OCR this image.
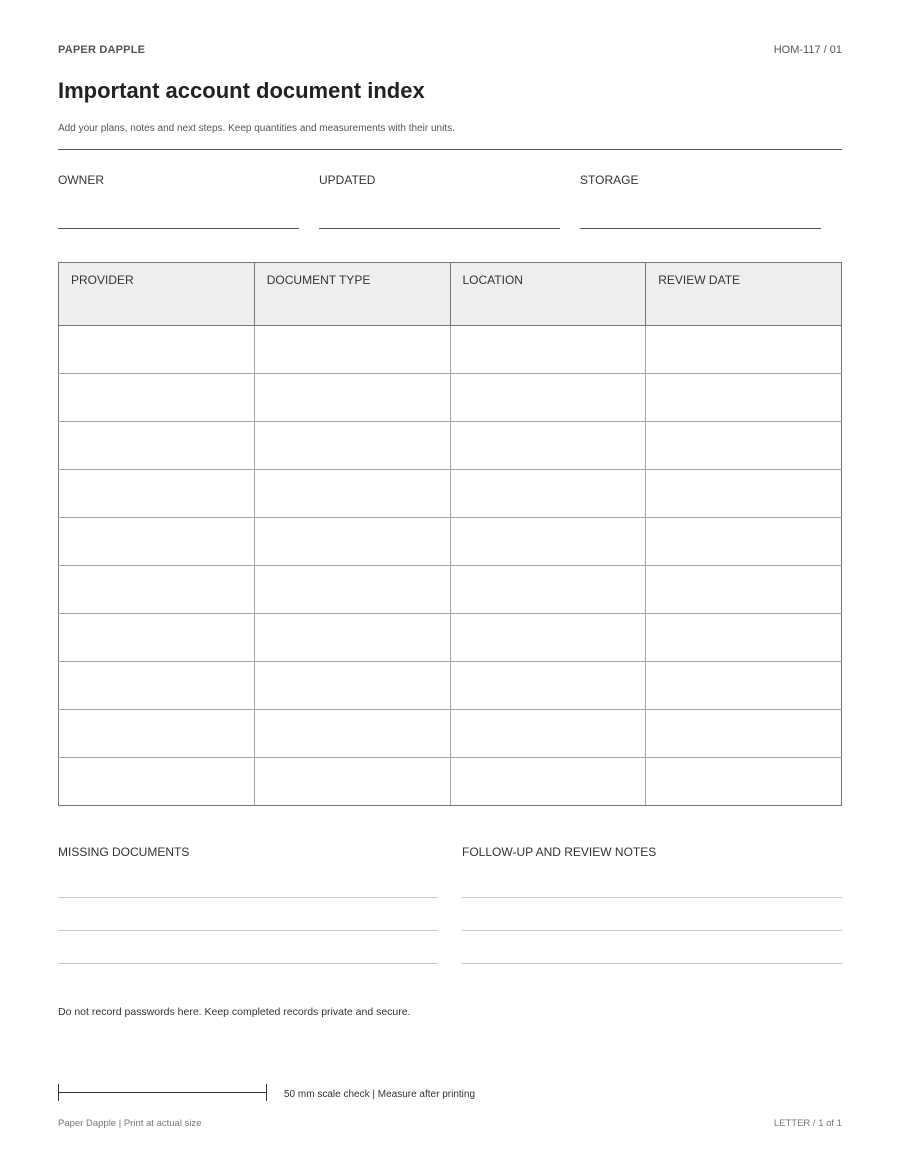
PAPER DAPPLE	HOM-117 / 01
Important account document index
Add your plans, notes and next steps. Keep quantities and measurements with their units.
OWNER	UPDATED	STORAGE
PROVIDER	DOCUMENT TYPE	LOCATION	REVIEW DATE

MISSING DOCUMENTS	FOLLOW-UP AND REVIEW NOTES
Do not record passwords here. Keep completed records private and secure.
50 mm scale check | Measure after printing
Paper Dapple | Print at actual size	LETTER / 1 of 1
